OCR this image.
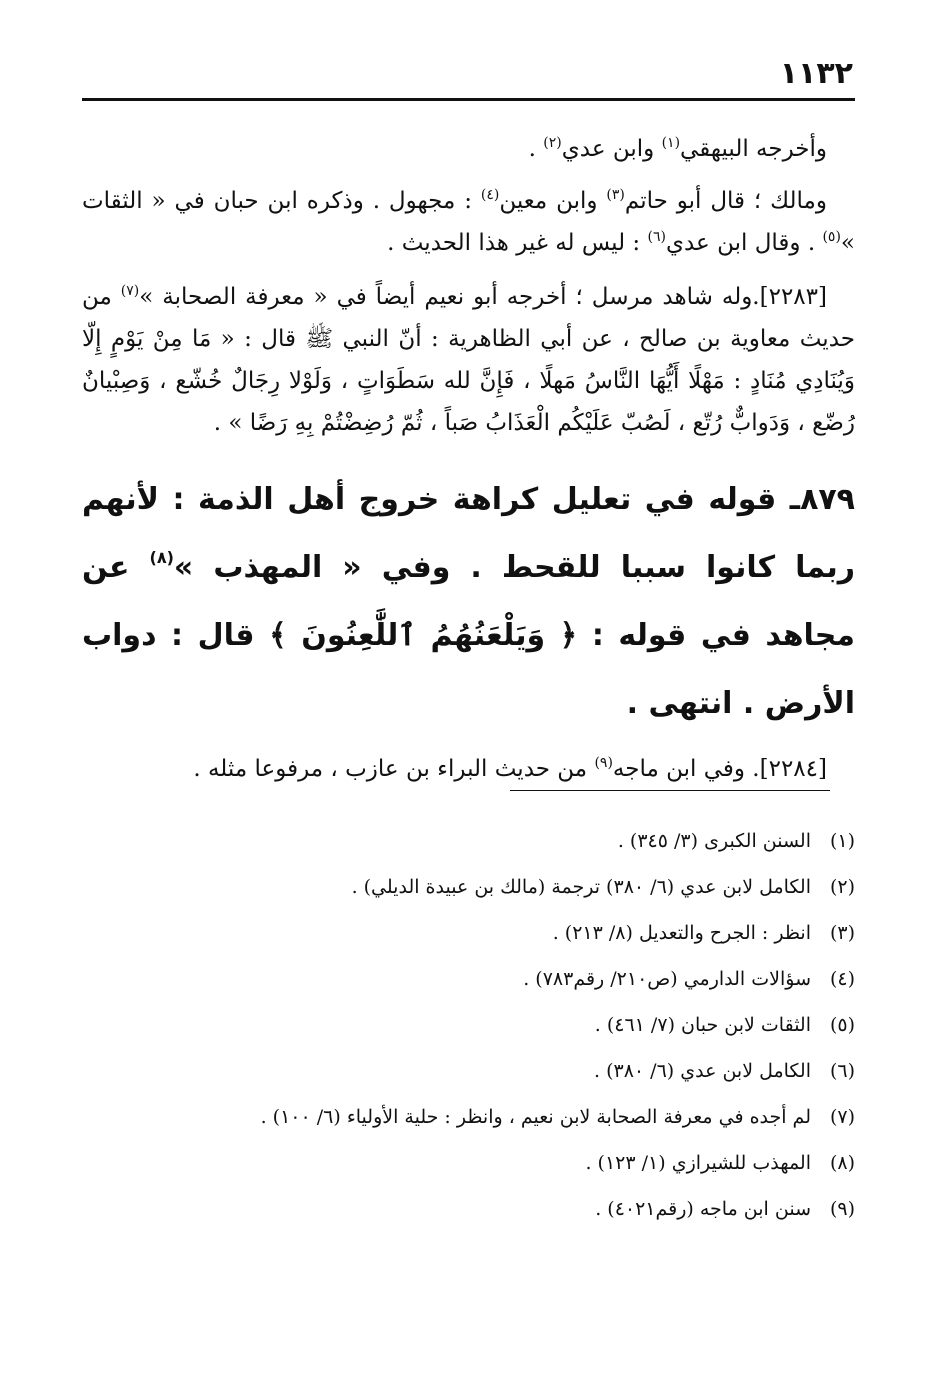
١١٣٢

وأخرجه البيهقي$^{(١)}$ وابن عدي$^{(٢)}$ .

ومالك ؛ قال أبو حاتم$^{(٣)}$ وابن معين$^{(٤)}$ : مجهول . وذكره ابن حبان في « الثقات »$^{(٥)}$ . وقال ابن عدي$^{(٦)}$ : ليس له غير هذا الحديث .

[٢٢٨٣].وله شاهد مرسل ؛ أخرجه أبو نعيم أيضاً في « معرفة الصحابة »$^{(٧)}$ من حديث معاوية بن صالح ، عن أبي الظاهرية : أنّ النبي ﷺ قال : « مَا مِنْ يَوْمٍ إِلّا وَيُنَادِي مُنَادٍ : مَهْلًا أَيُّهَا النَّاسُ مَهلًا ، فَإِنَّ لله سَطَوَاتٍ ، وَلَوْلا رِجَالٌ خُشّع ، وَصِبْيانٌ رُضّع ، وَدَوابٌّ رُتّع ، لَصُبّ عَلَيْكُم الْعَذَابُ صَباً ، ثُمّ رُضِضْتُمْ بِهِ رَضًا » .

٨٧٩ـ قوله في تعليل كراهة خروج أهل الذمة : لأنهم ربما كانوا سببا للقحط . وفي « المهذب »$^{(٨)}$ عن مجاهد في قوله : ﴿ وَيَلْعَنُهُمُ ٱللَّٰعِنُونَ ﴾ قال : دواب الأرض . انتهى .

[٢٢٨٤]. وفي ابن ماجه$^{(٩)}$ من حديث البراء بن عازب ، مرفوعا مثله .

(١)
السنن الكبرى (٣/ ٣٤٥) .
(٢)
الكامل لابن عدي (٦/ ٣٨٠) ترجمة (مالك بن عبيدة الديلي) .
(٣)
انظر : الجرح والتعديل (٨/ ٢١٣) .
(٤)
سؤالات الدارمي (ص٢١٠/ رقم٧٨٣) .
(٥)
الثقات لابن حبان (٧/ ٤٦١) .
(٦)
الكامل لابن عدي (٦/ ٣٨٠) .
(٧)
لم أجده في معرفة الصحابة لابن نعيم ، وانظر : حلية الأولياء (٦/ ١٠٠) .
(٨)
المهذب للشيرازي (١/ ١٢٣) .
(٩)
سنن ابن ماجه (رقم٤٠٢١) .
